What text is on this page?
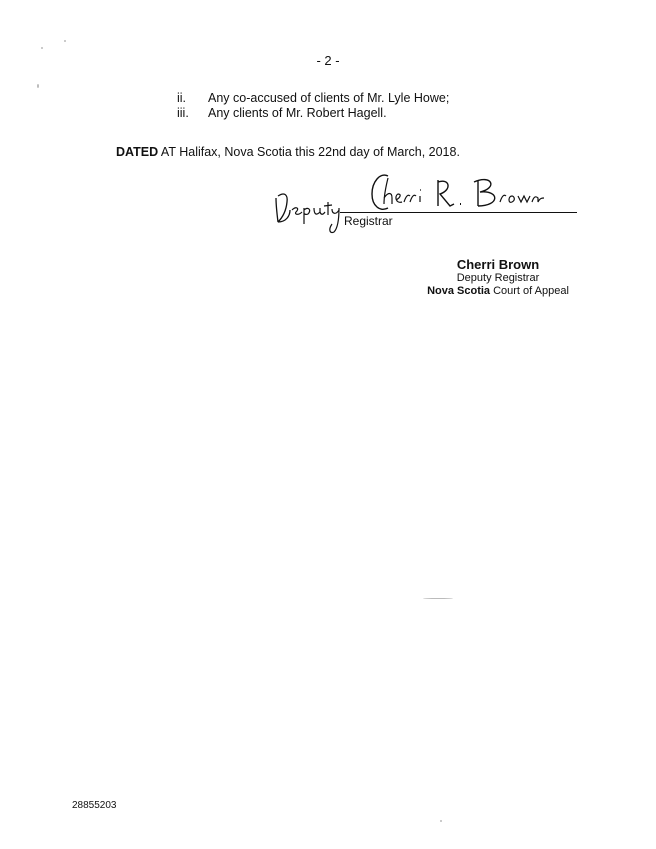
- 2 -
ii.	Any co-accused of clients of Mr. Lyle Howe;
iii.	Any clients of Mr. Robert Hagell.
DATED AT Halifax, Nova Scotia this 22nd day of March, 2018.
Registrar
Cherri Brown
Deputy Registrar
Nova Scotia Court of Appeal
28855203
